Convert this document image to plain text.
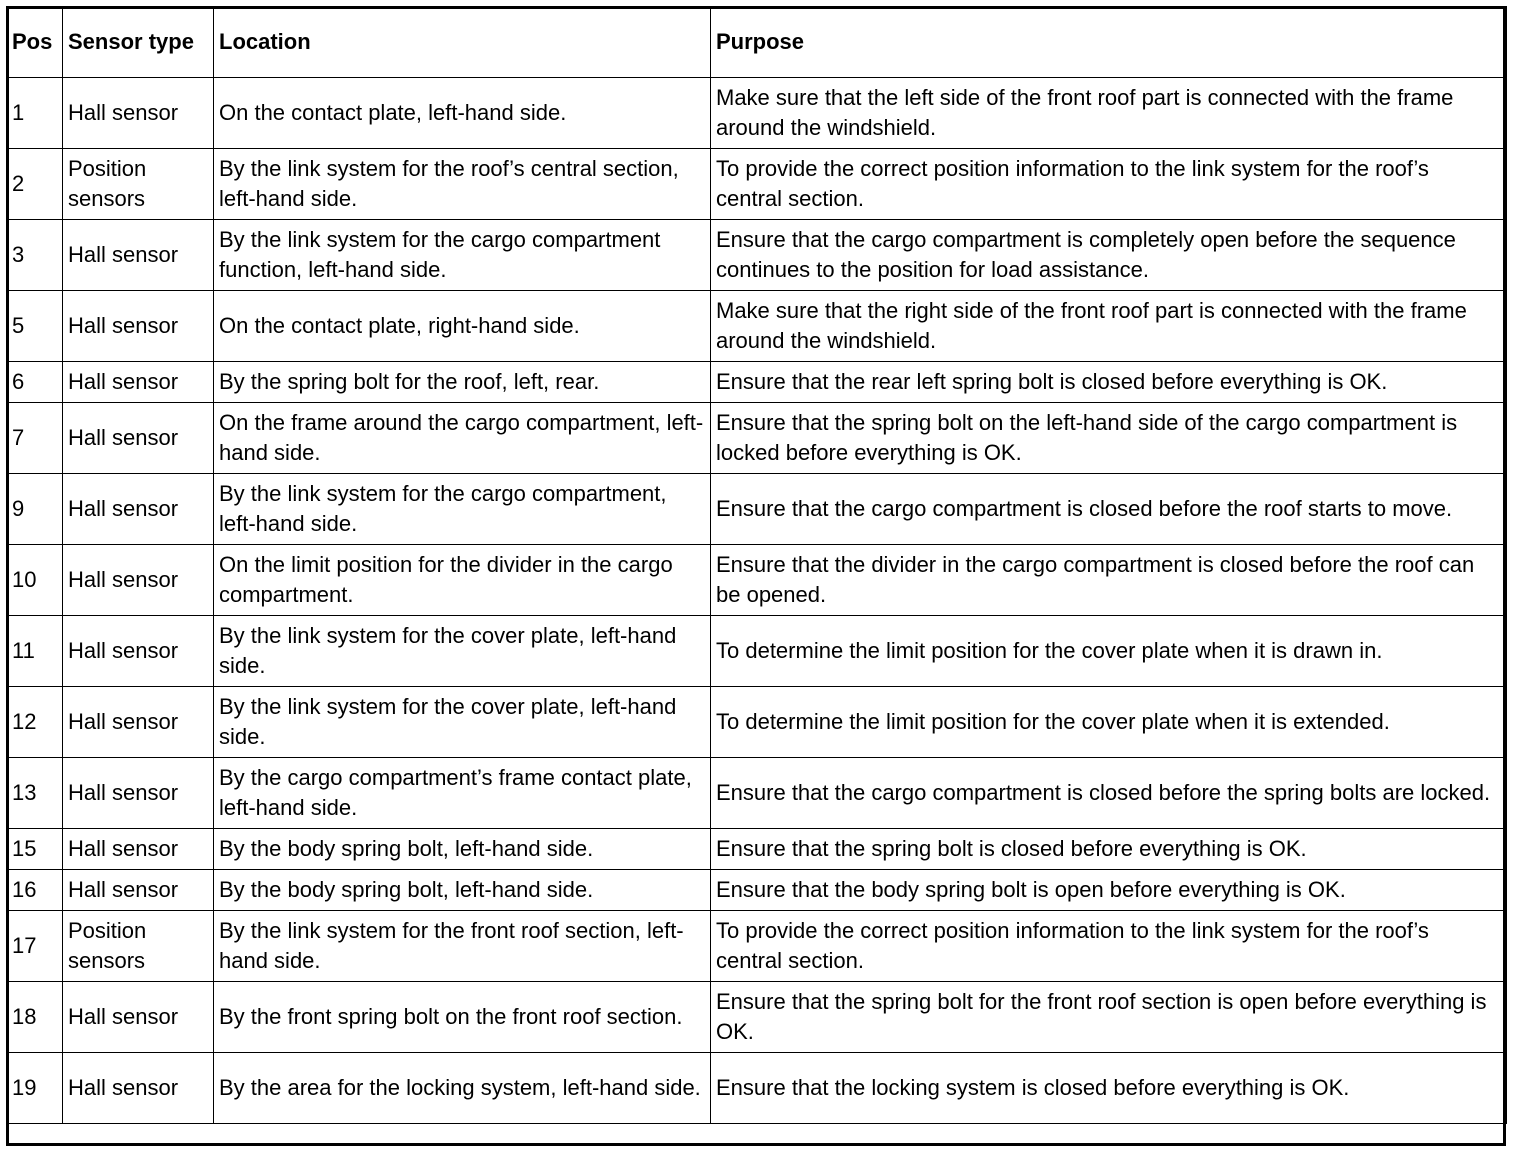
Pos	Sensor type	Location	Purpose
1	Hall sensor	On the contact plate, left-hand side.	Make sure that the left side of the front roof part is connected with the frame around the windshield.
2	Position sensors	By the link system for the roof’s central section, left-hand side.	To provide the correct position information to the link system for the roof’s central section.
3	Hall sensor	By the link system for the cargo compartment function, left-hand side.	Ensure that the cargo compartment is completely open before the sequence continues to the position for load assistance.
5	Hall sensor	On the contact plate, right-hand side.	Make sure that the right side of the front roof part is connected with the frame around the windshield.
6	Hall sensor	By the spring bolt for the roof, left, rear.	Ensure that the rear left spring bolt is closed before everything is OK.
7	Hall sensor	On the frame around the cargo compartment, left-hand side.	Ensure that the spring bolt on the left-hand side of the cargo compartment is locked before everything is OK.
9	Hall sensor	By the link system for the cargo compartment, left-hand side.	Ensure that the cargo compartment is closed before the roof starts to move.
10	Hall sensor	On the limit position for the divider in the cargo compartment.	Ensure that the divider in the cargo compartment is closed before the roof can be opened.
11	Hall sensor	By the link system for the cover plate, left-hand side.	To determine the limit position for the cover plate when it is drawn in.
12	Hall sensor	By the link system for the cover plate, left-hand side.	To determine the limit position for the cover plate when it is extended.
13	Hall sensor	By the cargo compartment’s frame contact plate, left-hand side.	Ensure that the cargo compartment is closed before the spring bolts are locked.
15	Hall sensor	By the body spring bolt, left-hand side.	Ensure that the spring bolt is closed before everything is OK.
16	Hall sensor	By the body spring bolt, left-hand side.	Ensure that the body spring bolt is open before everything is OK.
17	Position sensors	By the link system for the front roof section, left-hand side.	To provide the correct position information to the link system for the roof’s central section.
18	Hall sensor	By the front spring bolt on the front roof section.	Ensure that the spring bolt for the front roof section is open before everything is OK.
19	Hall sensor	By the area for the locking system, left-hand side.	Ensure that the locking system is closed before everything is OK.
